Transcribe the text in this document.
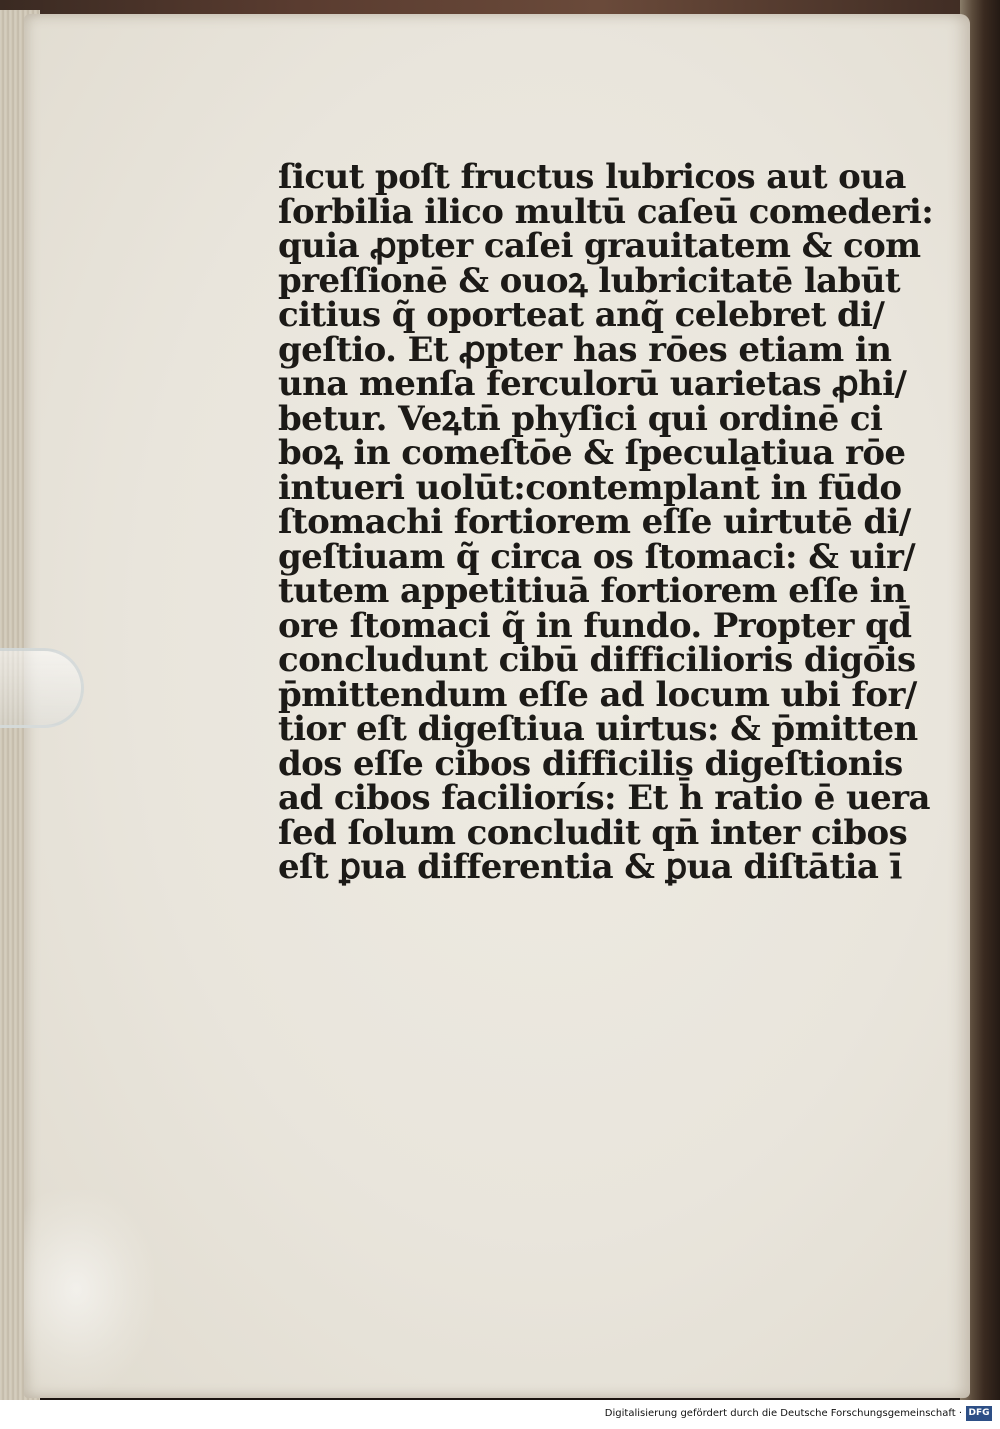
ſicut poſt fructus lubricos aut oua
ſorbilia ilico multū caſeū comederi:
quia ꝓpter caſei grauitatem & com
preſſionē & ouoꝝ lubricitatē labūt
citius q̃ oporteat anq̃ celebret di/
geſtio. Et ꝓpter has rōes etiam in
una menſa ferculorū uarietas ꝓhi/
betur. Veꝝtn̄ phyſici qui ordinē ci
boꝝ in comeſtōe & ſpeculatiua rōe
intueri uolūt:contemplant̄ in fūdo
ſtomachi fortiorem eſſe uirtutē di/
geſtiuam q̃ circa os ſtomaci: & uir/
tutem appetitiuā fortiorem eſſe in
ore ſtomaci q̃ in fundo. Propter qd̄
concludunt cibū difficilioris digōis
p̄mittendum eſſe ad locum ubi for/
tior eſt digeſtiua uirtus: & p̄mitten
dos eſſe cibos difficilis digeſtionis
ad cibos faciliorís: Et h̄ ratio ē uera
ſed ſolum concludit qn̄ inter cibos
eſt ꝑua differentia & ꝑua diſtātia ī
Digitalisierung gefördert durch die Deutsche Forschungsgemeinschaft · DFG
